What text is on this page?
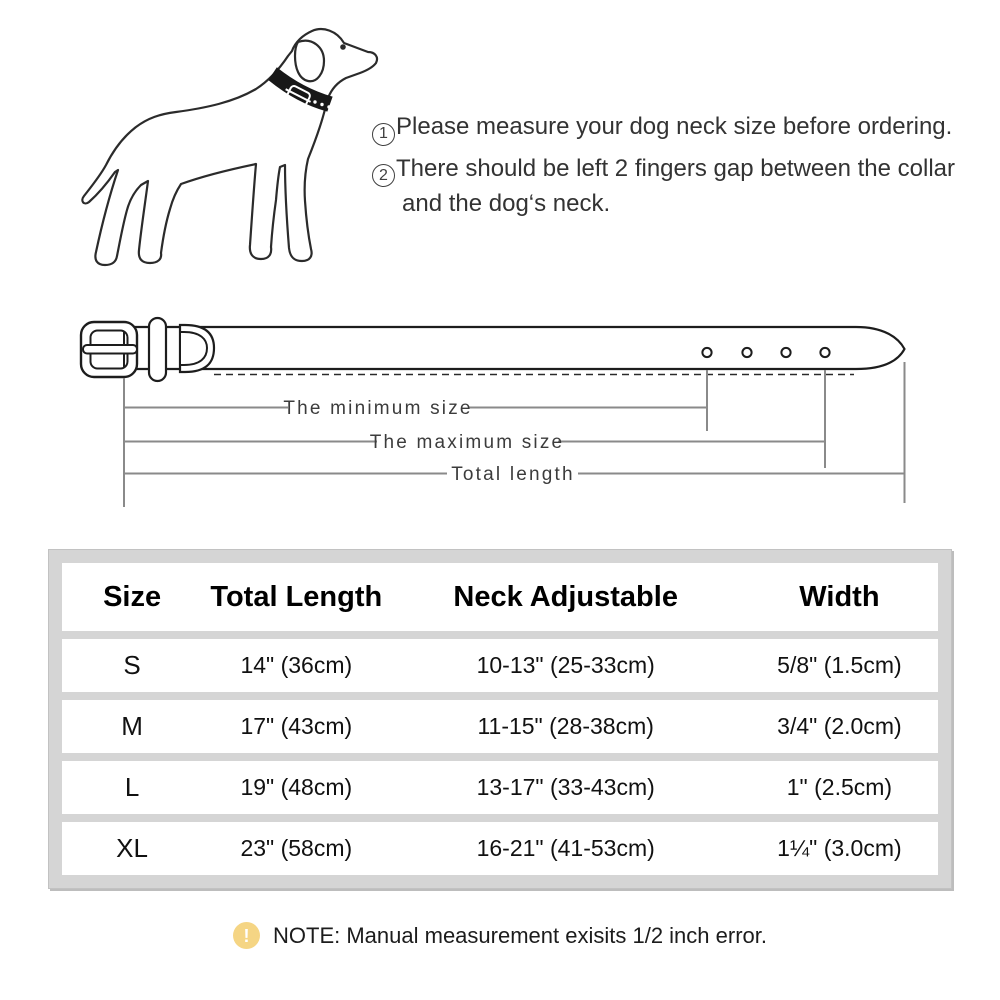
1 Please measure your dog neck size before ordering.
2 There should be left 2 fingers gap between the collar and the dog‘s neck.
The minimum size
The maximum size
Total length
Size	Total Length	Neck Adjustable	Width
S	14" (36cm)	10-13" (25-33cm)	5/8" (1.5cm)
M	17" (43cm)	11-15" (28-38cm)	3/4" (2.0cm)
L	19" (48cm)	13-17" (33-43cm)	1" (2.5cm)
XL	23" (58cm)	16-21" (41-53cm)	1¼" (3.0cm)
!	NOTE: Manual measurement exisits 1/2 inch error.
